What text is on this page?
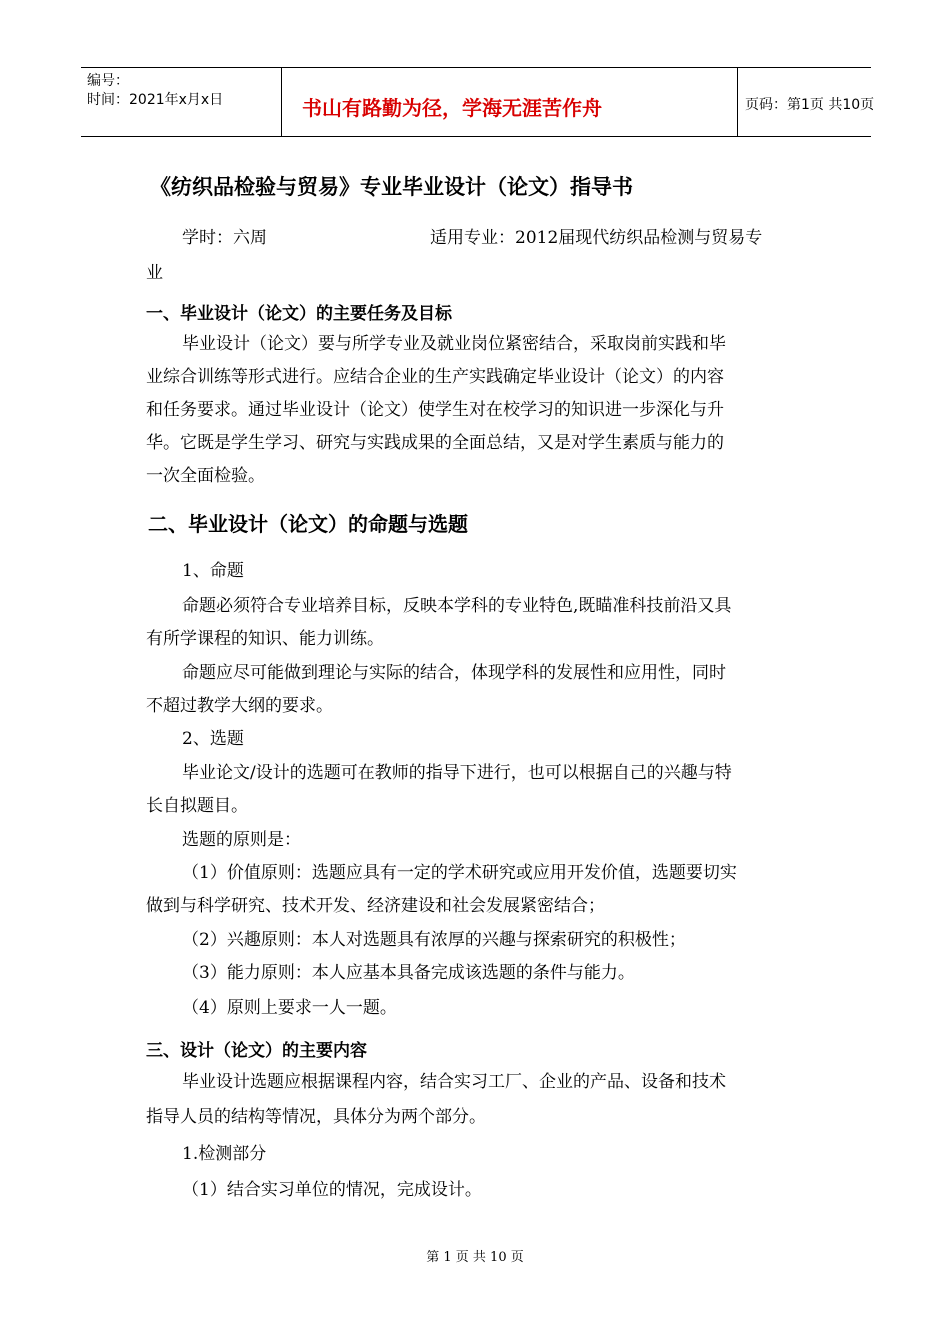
编号：
时间：2021年x月x日	书山有路勤为径，学海无涯苦作舟	页码：第1页 共10页
《纺织品检验与贸易》专业毕业设计（论文）指导书
学时：六周	适用专业：2012届现代纺织品检测与贸易专
业
一、毕业设计（论文）的主要任务及目标
毕业设计（论文）要与所学专业及就业岗位紧密结合，采取岗前实践和毕
业综合训练等形式进行。应结合企业的生产实践确定毕业设计（论文）的内容
和任务要求。通过毕业设计（论文）使学生对在校学习的知识进一步深化与升
华。它既是学生学习、研究与实践成果的全面总结，又是对学生素质与能力的
一次全面检验。
二、毕业设计（论文）的命题与选题
1、命题
命题必须符合专业培养目标，反映本学科的专业特色,既瞄准科技前沿又具
有所学课程的知识、能力训练。
命题应尽可能做到理论与实际的结合，体现学科的发展性和应用性，同时
不超过教学大纲的要求。
2、选题
毕业论文/设计的选题可在教师的指导下进行，也可以根据自己的兴趣与特
长自拟题目。
选题的原则是：
（1）价值原则：选题应具有一定的学术研究或应用开发价值，选题要切实
做到与科学研究、技术开发、经济建设和社会发展紧密结合；
（2）兴趣原则：本人对选题具有浓厚的兴趣与探索研究的积极性；
（3）能力原则：本人应基本具备完成该选题的条件与能力。
（4）原则上要求一人一题。
三、设计（论文）的主要内容
毕业设计选题应根据课程内容，结合实习工厂、企业的产品、设备和技术
指导人员的结构等情况，具体分为两个部分。
1.检测部分
（1）结合实习单位的情况，完成设计。
第 1 页 共 10 页
